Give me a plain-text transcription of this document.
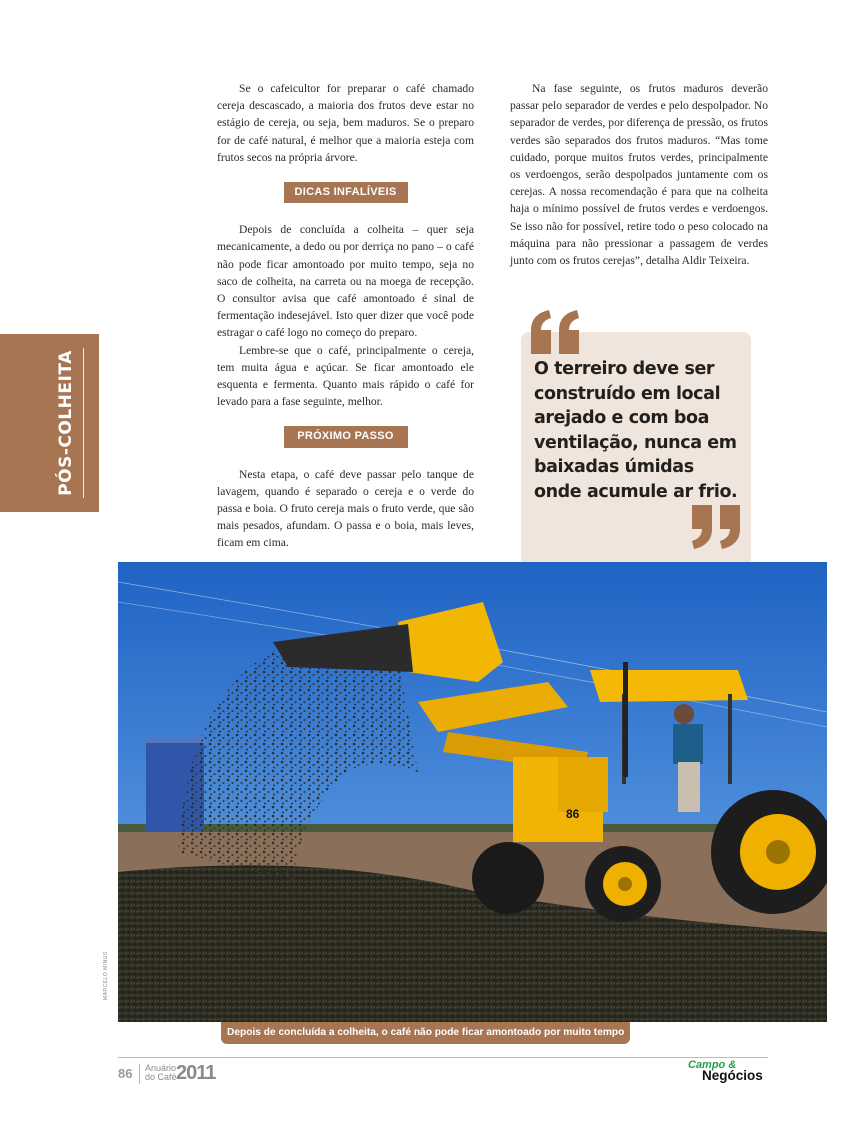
Se o cafeicultor for preparar o café chamado cereja descascado, a maioria dos frutos deve estar no estágio de cereja, ou seja, bem maduros. Se o preparo for de café natural, é melhor que a maioria esteja com frutos secos na própria árvore.

DICAS INFALÍVEIS

Depois de concluída a colheita – quer seja mecanicamente, a dedo ou por derriça no pano – o café não pode ficar amontoado por muito tempo, seja no saco de colheita, na carreta ou na moega de recepção. O consultor avisa que café amontoado é sinal de fermentação indesejável. Isto quer dizer que você pode estragar o café logo no começo do preparo.

Lembre-se que o café, principalmente o cereja, tem muita água e açúcar. Se ficar amontoado ele esquenta e fermenta. Quanto mais rápido o café for levado para a fase seguinte, melhor.

PRÓXIMO PASSO

Nesta etapa, o café deve passar pelo tanque de lavagem, quando é separado o cereja e o verde do passa e boia. O fruto cereja mais o fruto verde, que são mais pesados, afundam. O passa e o boia, mais leves, ficam em cima.

Na fase seguinte, os frutos maduros deverão passar pelo separador de verdes e pelo despolpador. No separador de verdes, por diferença de pressão, os frutos verdes são separados dos frutos maduros. “Mas tome cuidado, porque muitos frutos verdes, principalmente os verdoengos, serão despolpados juntamente com os cerejas. A nossa recomendação é para que na colheita haja o mínimo possível de frutos verdes e verdoengos. Se isso não for possível, retire todo o peso colocado na máquina para não pressionar a passagem de verdes junto com os frutos cerejas”, detalha Aldir Teixeira.

PÓS-COLHEITA	O terreiro deve ser construído em local arejado e com boa ventilação, nunca em baixadas úmidas onde acumule ar frio.
86
MARCELO MINUS
Depois de concluída a colheita, o café não pode ficar amontoado por muito tempo
86 Anuário do Café 2011	Campo &
Negócios
